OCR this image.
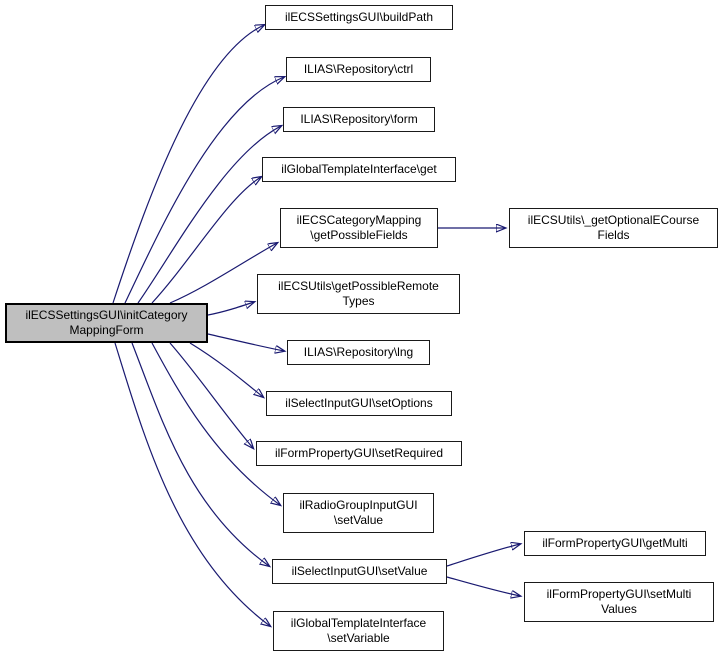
ilECSSettingsGUI\initCategory
MappingForm
ilECSSettingsGUI\buildPath
ILIAS\Repository\ctrl
ILIAS\Repository\form
ilGlobalTemplateInterface\get
ilECSCategoryMapping
\getPossibleFields
ilECSUtils\_getOptionalECourse
Fields
ilECSUtils\getPossibleRemote
Types
ILIAS\Repository\lng
ilSelectInputGUI\setOptions
ilFormPropertyGUI\setRequired
ilRadioGroupInputGUI
\setValue
ilSelectInputGUI\setValue
ilGlobalTemplateInterface
\setVariable
ilFormPropertyGUI\getMulti
ilFormPropertyGUI\setMulti
Values
